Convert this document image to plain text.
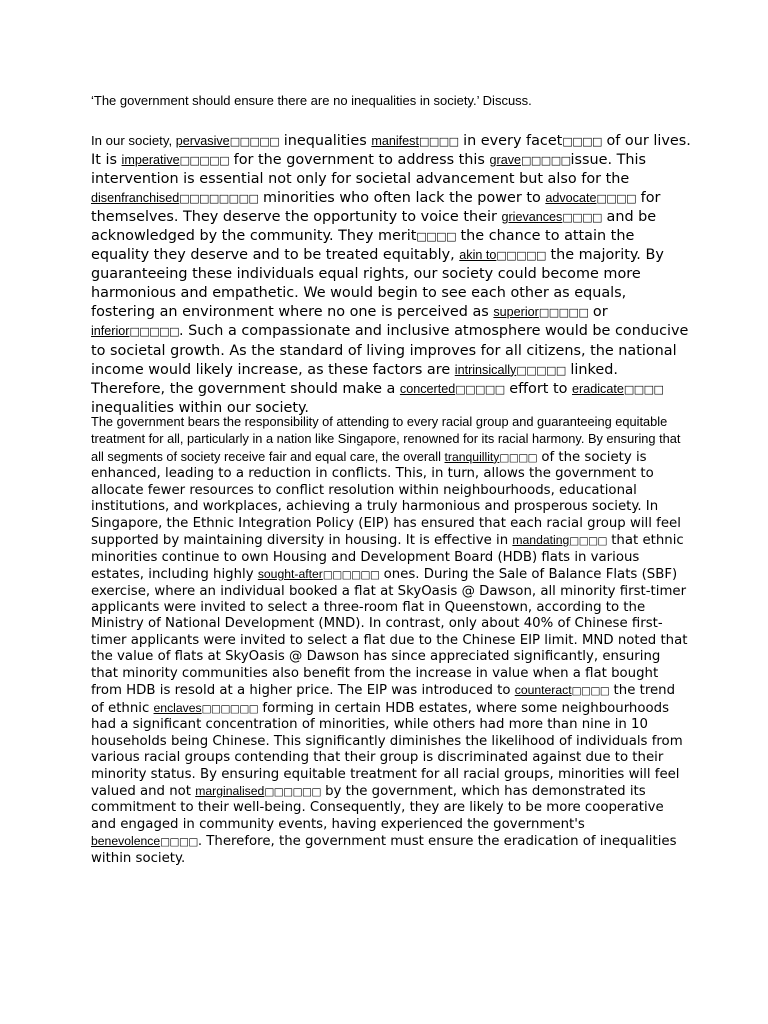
‘The government should ensure there are no inequalities in society.’ Discuss.
In our society, pervasive□□□□□ inequalities manifest□□□□ in every facet□□□□ of our lives. It is imperative□□□□□ for the government to address this grave□□□□□issue. This intervention is essential not only for societal advancement but also for the disenfranchised□□□□□□□□ minorities who often lack the power to advocate□□□□ for themselves. They deserve the opportunity to voice their grievances□□□□ and be acknowledged by the community. They merit□□□□ the chance to attain the equality they deserve and to be treated equitably, akin to□□□□□ the majority. By guaranteeing these individuals equal rights, our society could become more harmonious and empathetic. We would begin to see each other as equals, fostering an environment where no one is perceived as superior□□□□□ or inferior□□□□□. Such a compassionate and inclusive atmosphere would be conducive to societal growth. As the standard of living improves for all citizens, the national income would likely increase, as these factors are intrinsically□□□□□ linked. Therefore, the government should make a concerted□□□□□ effort to eradicate□□□□ inequalities within our society.
The government bears the responsibility of attending to every racial group and guaranteeing equitable treatment for all, particularly in a nation like Singapore, renowned for its racial harmony. By ensuring that all segments of society receive fair and equal care, the overall tranquillity□□□□ of the society is enhanced, leading to a reduction in conflicts. This, in turn, allows the government to allocate fewer resources to conflict resolution within neighbourhoods, educational institutions, and workplaces, achieving a truly harmonious and prosperous society. In Singapore, the Ethnic Integration Policy (EIP) has ensured that each racial group will feel supported by maintaining diversity in housing. It is effective in mandating□□□□ that ethnic minorities continue to own Housing and Development Board (HDB) flats in various estates, including highly sought-after□□□□□□ ones. During the Sale of Balance Flats (SBF) exercise, where an individual booked a flat at SkyOasis @ Dawson, all minority first-timer applicants were invited to select a three-room flat in Queenstown, according to the Ministry of National Development (MND). In contrast, only about 40% of Chinese first-timer applicants were invited to select a flat due to the Chinese EIP limit. MND noted that the value of flats at SkyOasis @ Dawson has since appreciated significantly, ensuring that minority communities also benefit from the increase in value when a flat bought from HDB is resold at a higher price. The EIP was introduced to counteract□□□□ the trend of ethnic enclaves□□□□□□ forming in certain HDB estates, where some neighbourhoods had a significant concentration of minorities, while others had more than nine in 10 households being Chinese. This significantly diminishes the likelihood of individuals from various racial groups contending that their group is discriminated against due to their minority status. By ensuring equitable treatment for all racial groups, minorities will feel valued and not marginalised□□□□□□ by the government, which has demonstrated its commitment to their well-being. Consequently, they are likely to be more cooperative and engaged in community events, having experienced the government's benevolence□□□□. Therefore, the government must ensure the eradication of inequalities within society.
